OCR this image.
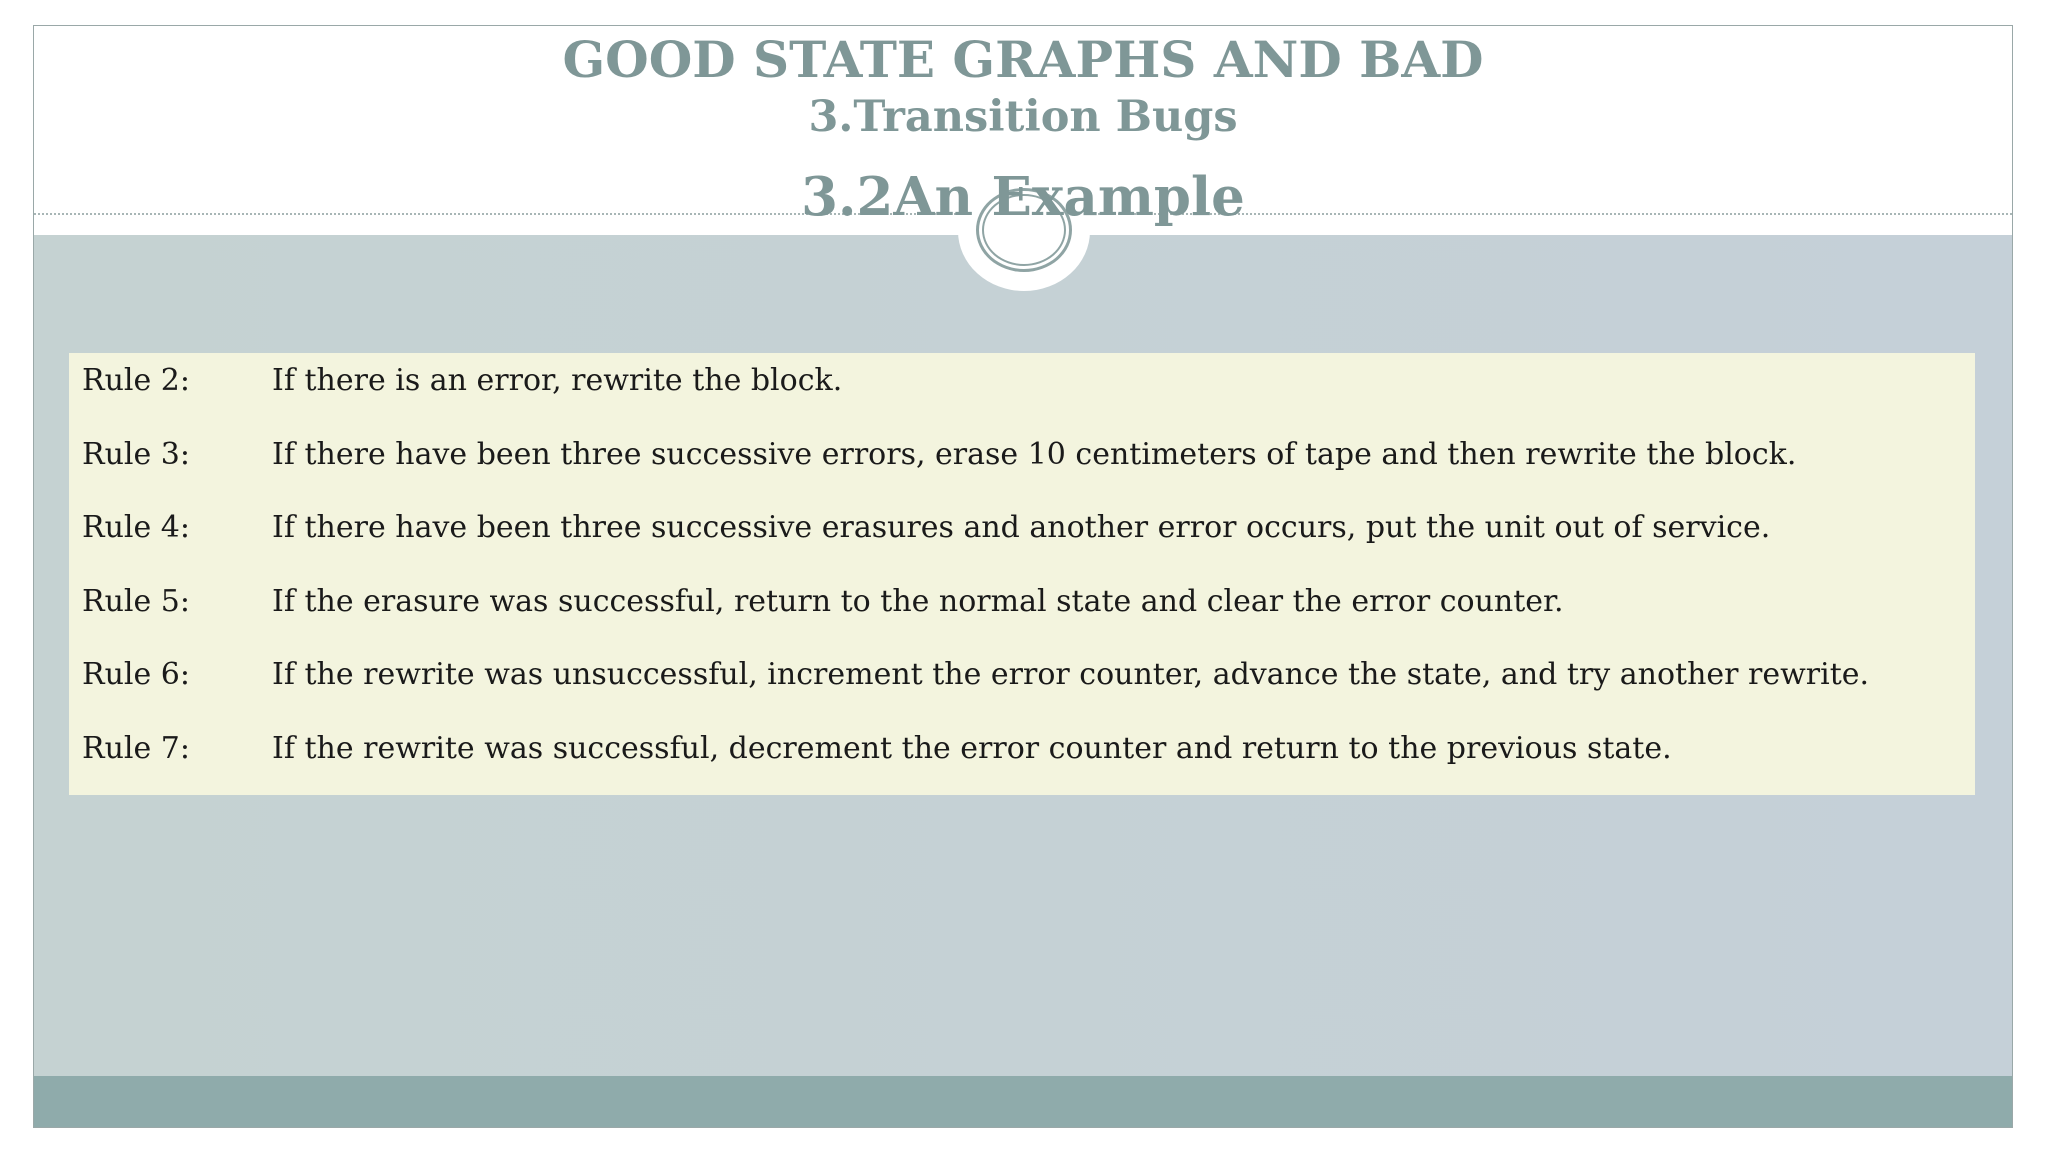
GOOD STATE GRAPHS AND BAD
3.Transition Bugs
3.2An Example
Rule 2:	If there is an error, rewrite the block.
Rule 3:	If there have been three successive errors, erase 10 centimeters of tape and then rewrite the block.
Rule 4:	If there have been three successive erasures and another error occurs, put the unit out of service.
Rule 5:	If the erasure was successful, return to the normal state and clear the error counter.
Rule 6:	If the rewrite was unsuccessful, increment the error counter, advance the state, and try another rewrite.
Rule 7:	If the rewrite was successful, decrement the error counter and return to the previous state.
